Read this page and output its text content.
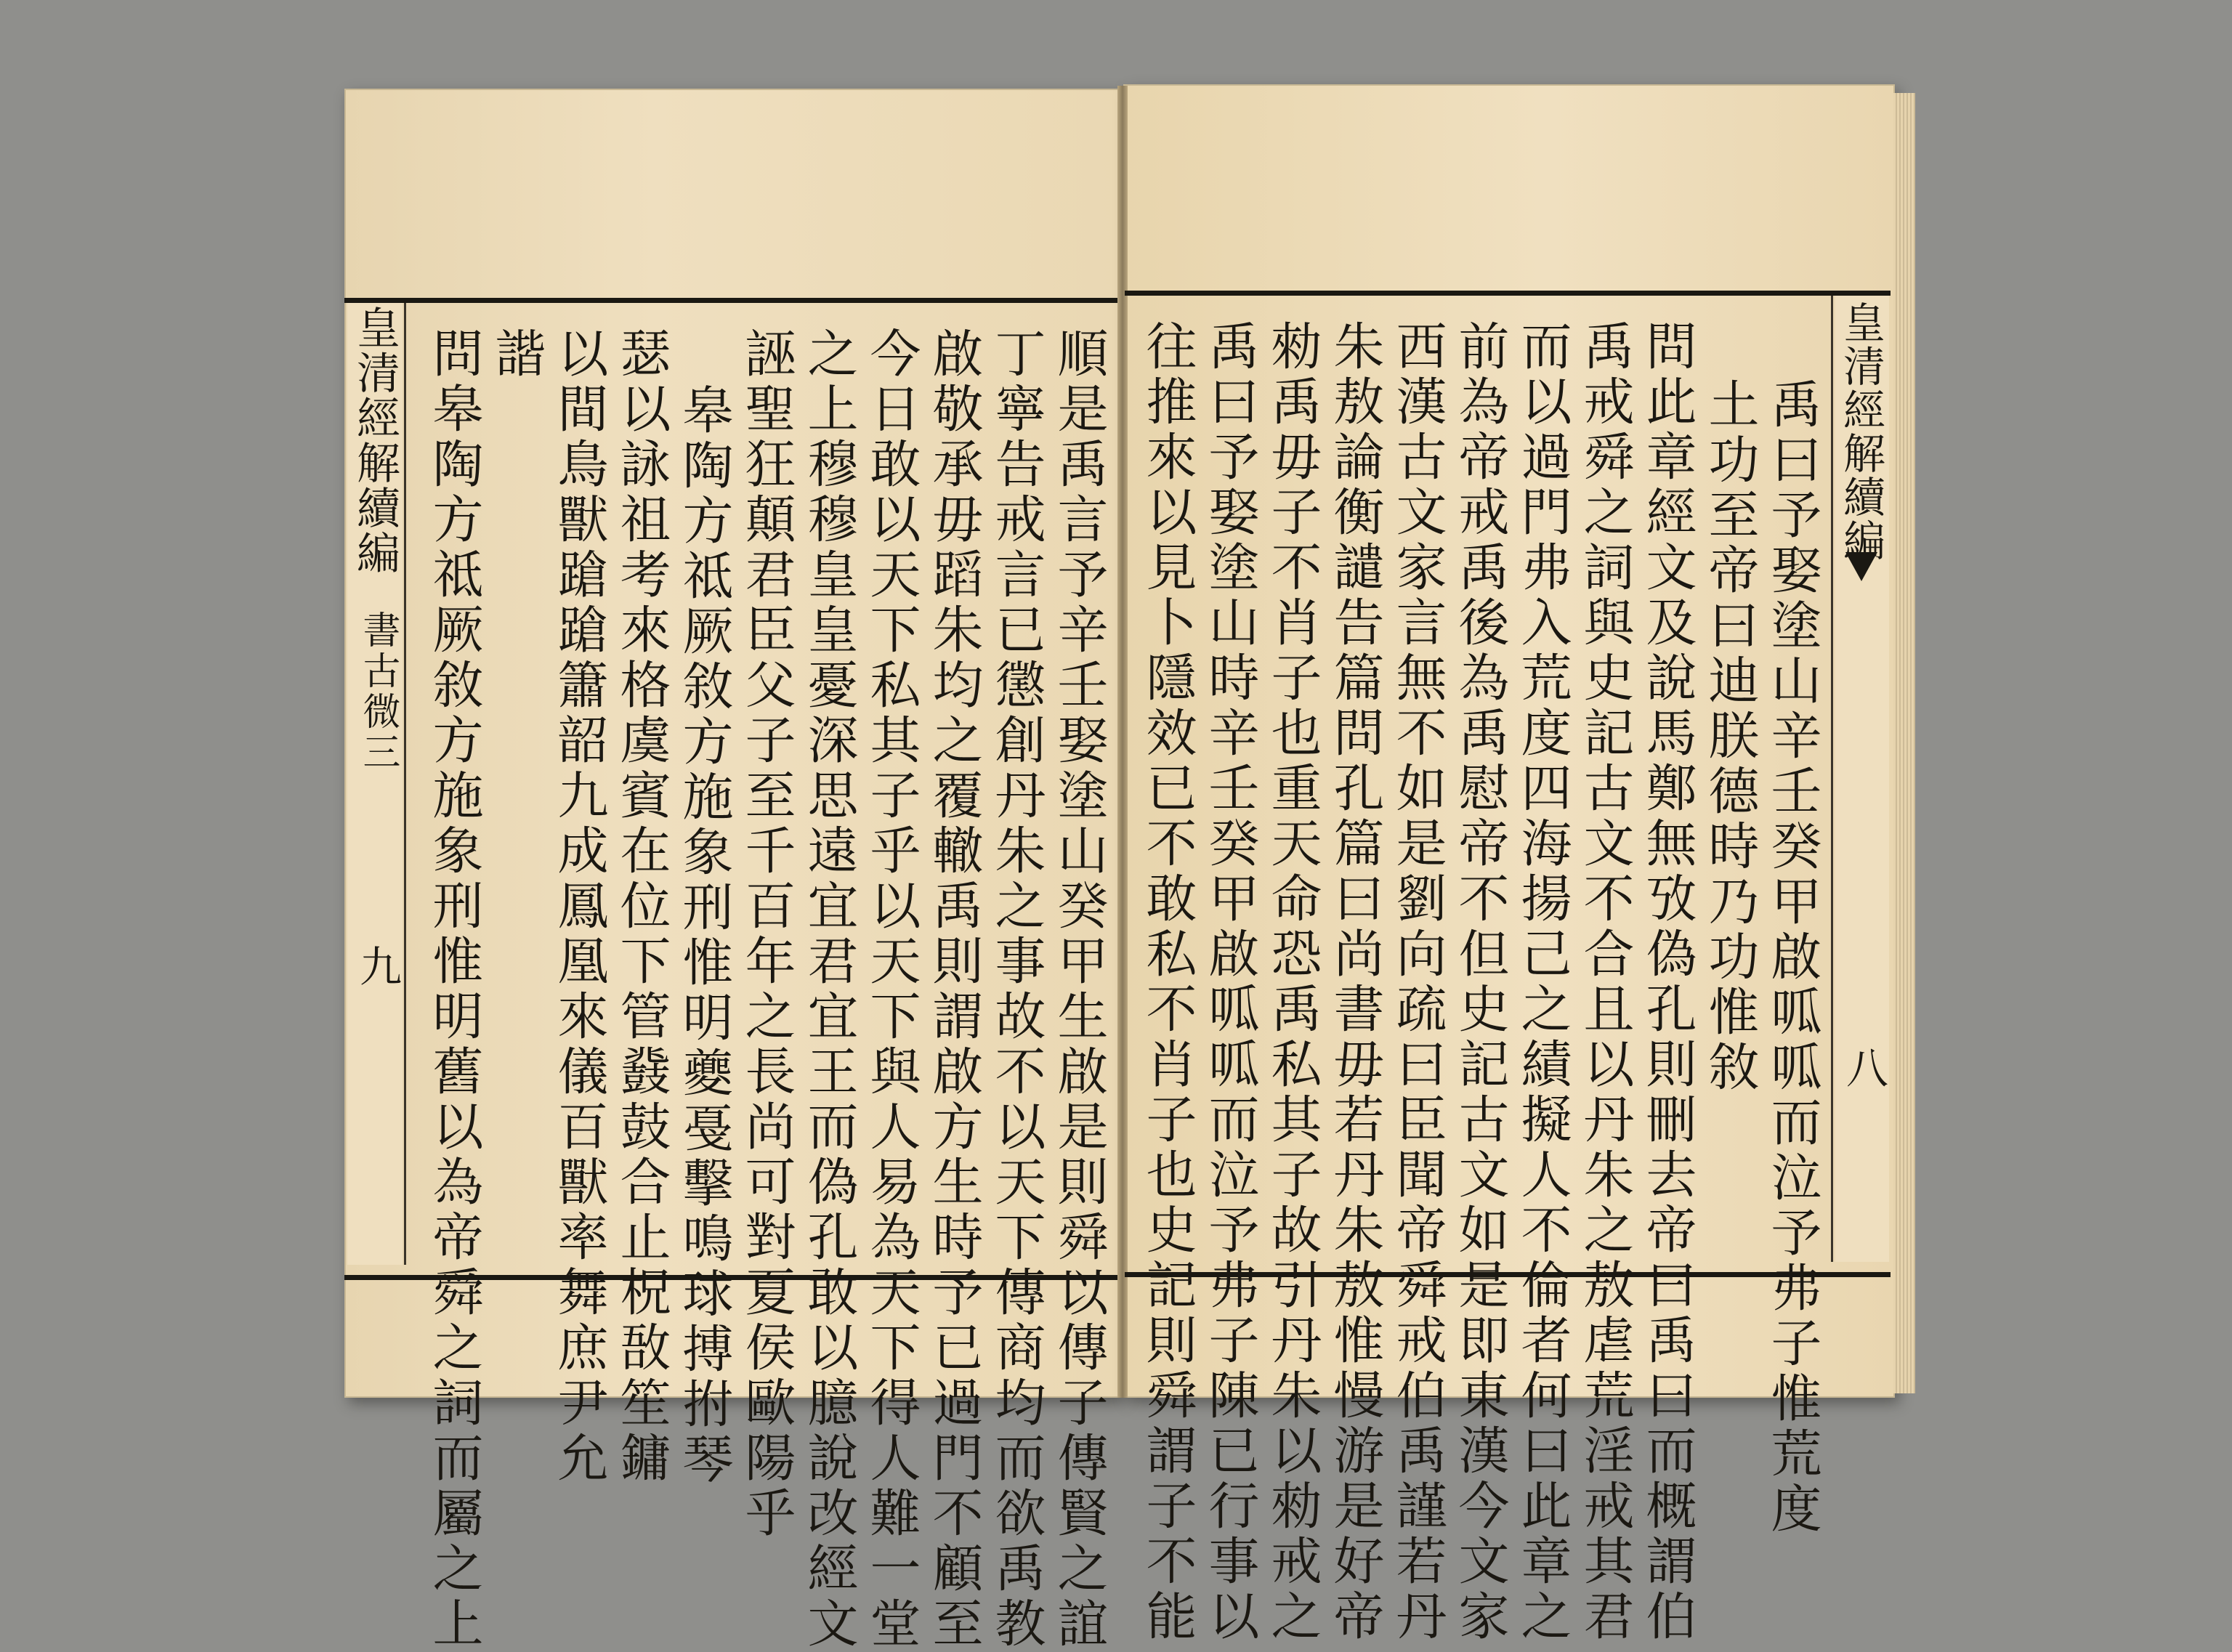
皇清經解續編
書古微三
九	順是禹言予辛壬娶塗山癸甲生啟是則舜以傳子傳賢之誼
丁寧告戒言已懲創丹朱之事故不以天下傳商均而欲禹教
啟敬承毋蹈朱均之覆轍禹則謂啟方生時予已過門不顧至
今日敢以天下私其子乎以天下與人易為天下得人難一堂
之上穆穆皇皇憂深思遠宜君宜王而偽孔敢以臆說改經文
誣聖狂顛君臣父子至千百年之長尚可對夏侯歐陽乎
皋陶方祗厥敘方施象刑惟明夔戞擊鳴球搏拊琴
瑟以詠祖考來格虞賓在位下管鼗鼓合止柷敔笙鏞
以間鳥獸蹌蹌簫韶九成鳳凰來儀百獸率舞庶尹允
諧
問皋陶方祗厥敘方施象刑惟明舊以為帝舜之詞而屬之上	皇清經解續編
八
禹曰予娶塗山辛壬癸甲啟呱呱而泣予弗子惟荒度
土功至帝曰迪朕德時乃功惟敘
問此章經文及說馬鄭無攷偽孔則刪去帝曰禹曰而概謂伯
禹戒舜之詞與史記古文不合且以丹朱之敖虐荒淫戒其君
而以過門弗入荒度四海揚己之績擬人不倫者何曰此章之
前為帝戒禹後為禹慰帝不但史記古文如是即東漢今文家
西漢古文家言無不如是劉向疏曰臣聞帝舜戒伯禹謹若丹
朱敖論衡譴告篇問孔篇曰尚書毋若丹朱敖惟慢游是好帝
勑禹毋子不肖子也重天命恐禹私其子故引丹朱以勑戒之
禹曰予娶塗山時辛壬癸甲啟呱呱而泣予弗子陳已行事以
往推來以見卜隱效已不敢私不肖子也史記則舜謂子不能
